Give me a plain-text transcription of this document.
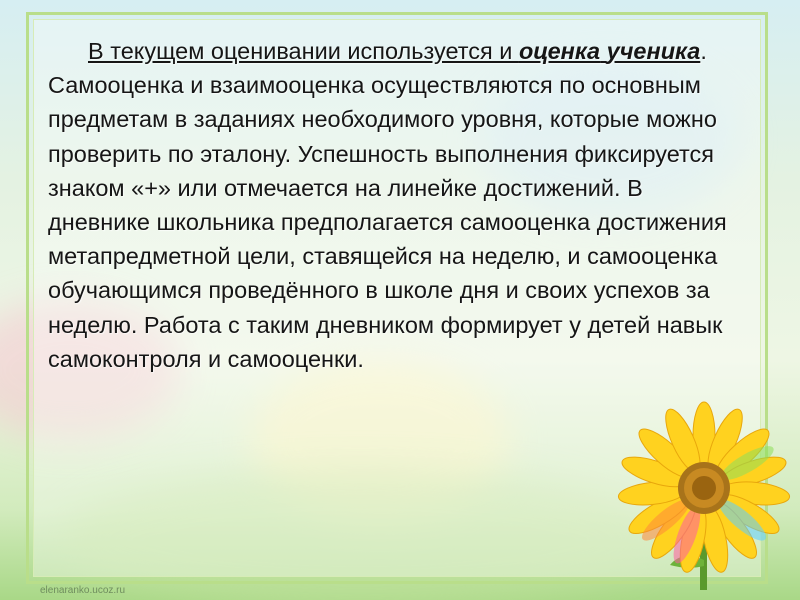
В текущем оценивании используется и оценка ученика. Самооценка и взаимооценка осуществляются по основным предметам в заданиях необходимого уровня, которые можно проверить по эталону. Успешность выполнения фиксируется знаком «+» или отмечается на линейке достижений. В дневнике школьника предполагается самооценка достижения метапредметной цели, ставящейся на неделю, и самооценка обучающимся проведённого в школе дня и своих успехов за неделю. Работа с таким дневником формирует у детей навык самоконтроля и самооценки.

elenaranko.ucoz.ru
